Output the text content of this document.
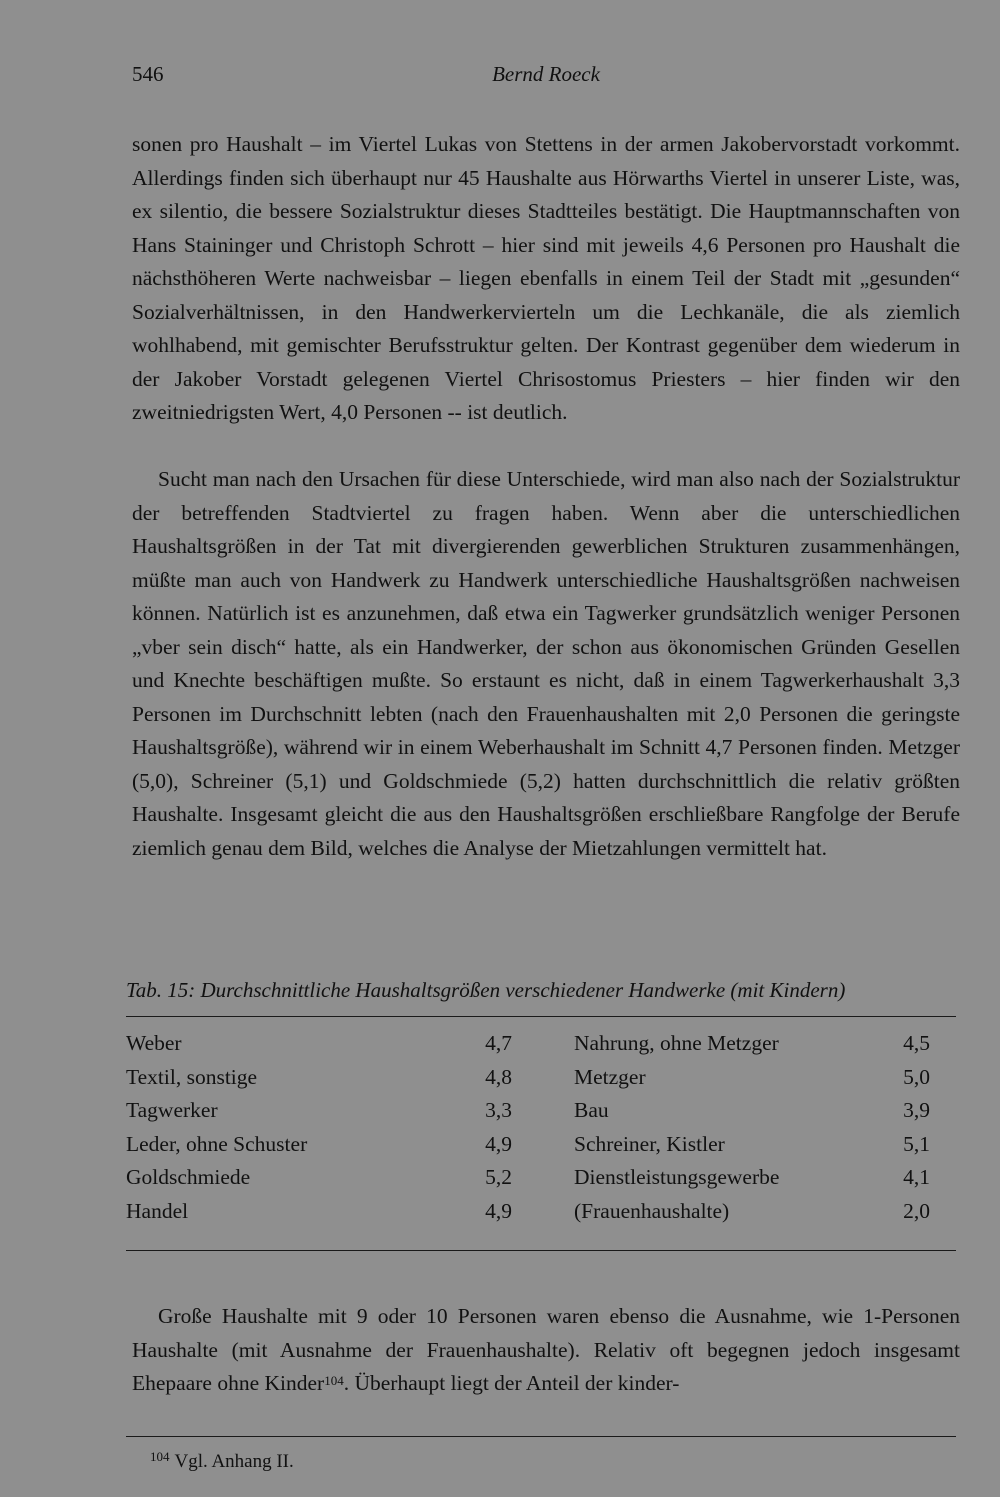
546	Bernd Roeck

sonen pro Haushalt – im Viertel Lukas von Stettens in der armen Jakobervorstadt vorkommt. Allerdings finden sich überhaupt nur 45 Haushalte aus Hörwarths Viertel in unserer Liste, was, ex silentio, die bessere Sozialstruktur dieses Stadtteiles bestätigt. Die Hauptmannschaften von Hans Staininger und Christoph Schrott – hier sind mit jeweils 4,6 Personen pro Haushalt die nächsthöheren Werte nachweisbar – liegen ebenfalls in einem Teil der Stadt mit „gesunden“ Sozialverhältnissen, in den Handwerkervierteln um die Lechkanäle, die als ziemlich wohlhabend, mit gemischter Berufsstruktur gelten. Der Kontrast gegenüber dem wiederum in der Jakober Vorstadt gelegenen Viertel Chrisostomus Priesters – hier finden wir den zweitniedrigsten Wert, 4,0 Personen -- ist deutlich.

Sucht man nach den Ursachen für diese Unterschiede, wird man also nach der Sozialstruktur der betreffenden Stadtviertel zu fragen haben. Wenn aber die unterschiedlichen Haushaltsgrößen in der Tat mit divergierenden gewerblichen Strukturen zusammenhängen, müßte man auch von Handwerk zu Handwerk unterschiedliche Haushaltsgrößen nachweisen können. Natürlich ist es anzunehmen, daß etwa ein Tagwerker grundsätzlich weniger Personen „vber sein disch“ hatte, als ein Handwerker, der schon aus ökonomischen Gründen Gesellen und Knechte beschäftigen mußte. So erstaunt es nicht, daß in einem Tagwerkerhaushalt 3,3 Personen im Durchschnitt lebten (nach den Frauenhaushalten mit 2,0 Personen die geringste Haushaltsgröße), während wir in einem Weberhaushalt im Schnitt 4,7 Personen finden. Metzger (5,0), Schreiner (5,1) und Goldschmiede (5,2) hatten durchschnittlich die relativ größten Haushalte. Insgesamt gleicht die aus den Haushaltsgrößen erschließbare Rangfolge der Berufe ziemlich genau dem Bild, welches die Analyse der Mietzahlungen vermittelt hat.

Tab. 15: Durchschnittliche Haushaltsgrößen verschiedener Handwerke (mit Kindern)
Weber	4,7	Nahrung, ohne Metzger	4,5
Textil, sonstige	4,8	Metzger	5,0
Tagwerker	3,3	Bau	3,9
Leder, ohne Schuster	4,9	Schreiner, Kistler	5,1
Goldschmiede	5,2	Dienstleistungsgewerbe	4,1
Handel	4,9	(Frauenhaushalte)	2,0

Große Haushalte mit 9 oder 10 Personen waren ebenso die Ausnahme, wie 1-Personen Haushalte (mit Ausnahme der Frauenhaushalte). Relativ oft begegnen jedoch insgesamt Ehepaare ohne Kinder$^{104}$. Überhaupt liegt der Anteil der kinder-

$^{104}$ Vgl. Anhang II.
